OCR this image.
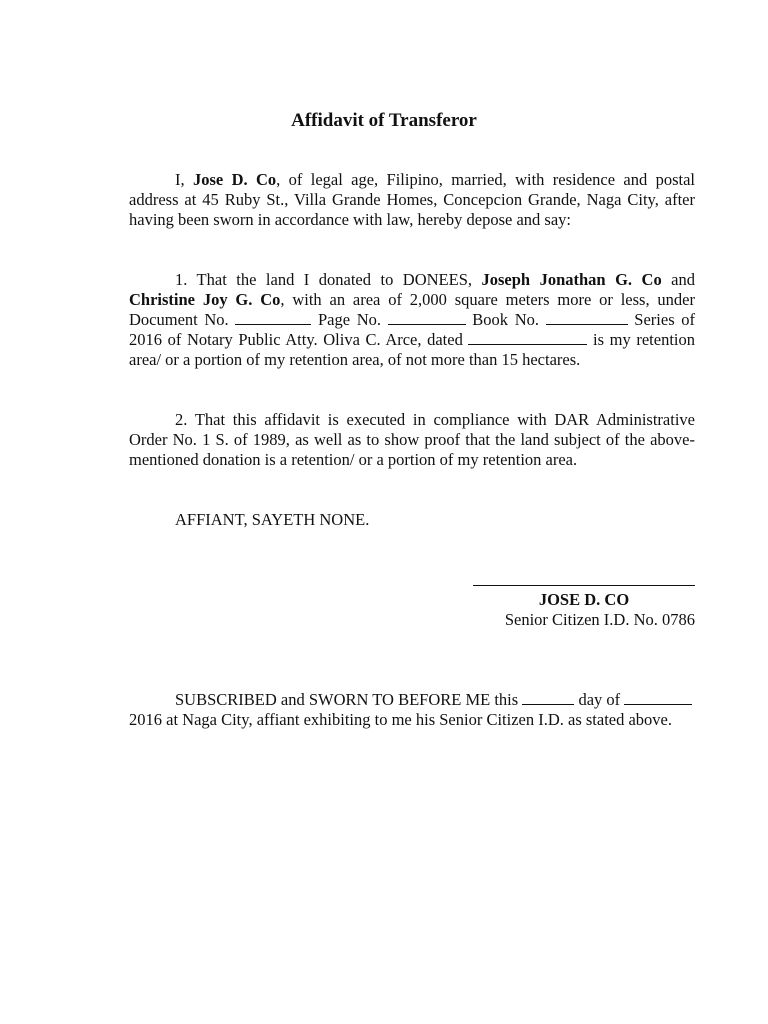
Affidavit of Transferor
I, Jose D. Co, of legal age, Filipino, married, with residence and postal address at 45 Ruby St., Villa Grande Homes, Concepcion Grande, Naga City, after having been sworn in accordance with law, hereby depose and say:
1. That the land I donated to DONEES, Joseph Jonathan G. Co and Christine Joy G. Co, with an area of 2,000 square meters more or less, under Document No.	Page No.	Book No.	Series of 2016 of Notary Public Atty. Oliva C. Arce, dated	is my retention area/ or a portion of my retention area, of not more than 15 hectares.
2. That this affidavit is executed in compliance with DAR Administrative Order No. 1 S. of 1989, as well as to show proof that the land subject of the above-mentioned donation is a retention/ or a portion of my retention area.
AFFIANT, SAYETH NONE.
JOSE D. CO
Senior Citizen I.D. No. 0786
SUBSCRIBED and SWORN TO BEFORE ME this	day of  2016 at Naga City, affiant exhibiting to me his Senior Citizen I.D. as stated above.
